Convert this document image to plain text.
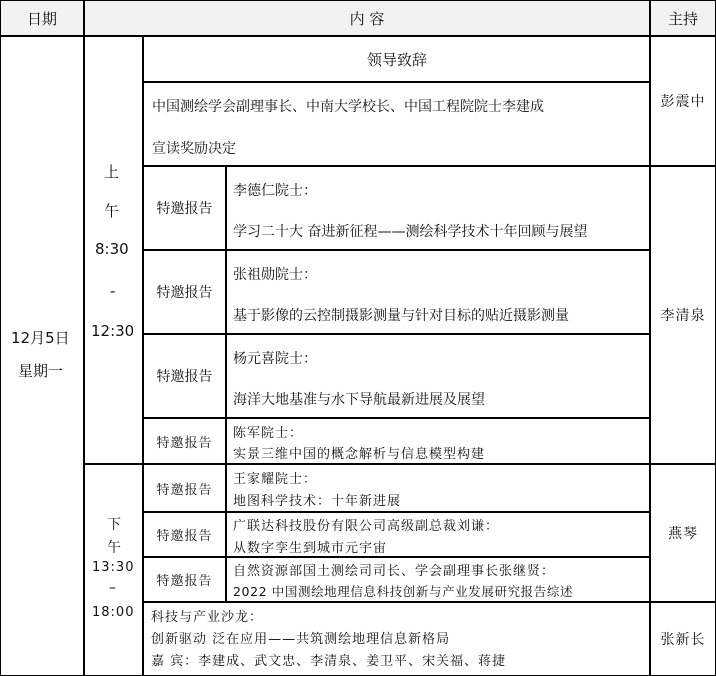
日期	内 容	主持
12月5日
星期一
上
午
8:30
-
12:30
下
午
13:30
–
18:00
领导致辞
中国测绘学会副理事长、中南大学校长、中国工程院院士李建成
宣读奖励决定
特邀报告
李德仁院士：
学习二十大 奋进新征程——测绘科学技术十年回顾与展望
特邀报告
张祖勋院士：
基于影像的云控制摄影测量与针对目标的贴近摄影测量
特邀报告
杨元喜院士：
海洋大地基准与水下导航最新进展及展望
特邀报告
陈军院士：
实景三维中国的概念解析与信息模型构建
特邀报告
王家耀院士：
地图科学技术：十年新进展
特邀报告
广联达科技股份有限公司高级副总裁刘谦：
从数字孪生到城市元宇宙
特邀报告
自然资源部国土测绘司司长、学会副理事长张继贤：
2022 中国测绘地理信息科技创新与产业发展研究报告综述
科技与产业沙龙：
创新驱动 泛在应用——共筑测绘地理信息新格局
嘉 宾：李建成、武文忠、李清泉、姜卫平、宋关福、蒋捷
彭震中
李清泉
燕琴
张新长
